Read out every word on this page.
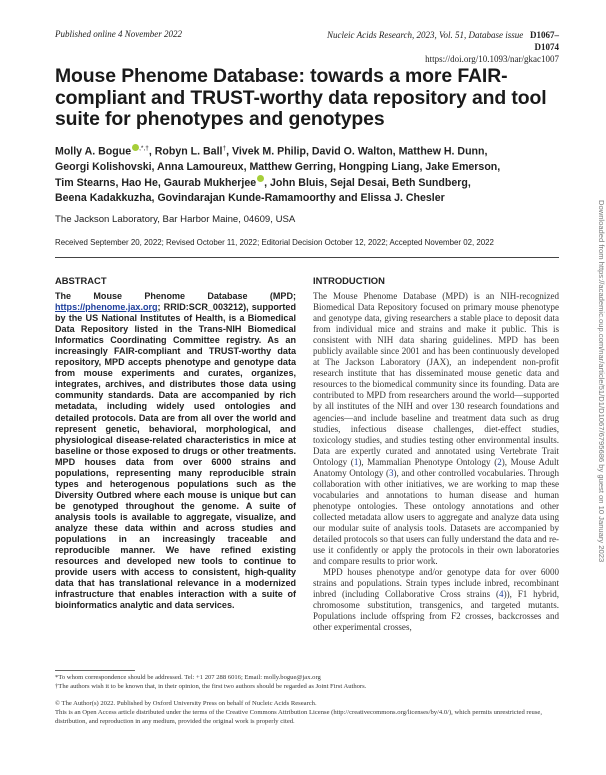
Published online 4 November 2022	Nucleic Acids Research, 2023, Vol. 51, Database issue D1067–D1074
https://doi.org/10.1093/nar/gkac1007
Mouse Phenome Database: towards a more FAIR-compliant and TRUST-worthy data repository and tool suite for phenotypes and genotypes
Molly A. Bogue ,*,†, Robyn L. Ball†, Vivek M. Philip, David O. Walton, Matthew H. Dunn,
Georgi Kolishovski, Anna Lamoureux, Matthew Gerring, Hongping Liang, Jake Emerson,
Tim Stearns, Hao He, Gaurab Mukherjee , John Bluis, Sejal Desai, Beth Sundberg,
Beena Kadakkuzha, Govindarajan Kunde-Ramamoorthy and Elissa J. Chesler
The Jackson Laboratory, Bar Harbor Maine, 04609, USA
Received September 20, 2022; Revised October 11, 2022; Editorial Decision October 12, 2022; Accepted November 02, 2022
ABSTRACT
The Mouse Phenome Database (MPD; https://phenome.jax.org; RRID:SCR_003212), supported by the US National Institutes of Health, is a Biomedical Data Repository listed in the Trans-NIH Biomedical Informatics Coordinating Committee registry. As an increasingly FAIR-compliant and TRUST-worthy data repository, MPD accepts phenotype and genotype data from mouse experiments and curates, organizes, integrates, archives, and distributes those data using community standards. Data are accompanied by rich metadata, including widely used ontologies and detailed protocols. Data are from all over the world and represent genetic, behavioral, morphological, and physiological disease-related characteristics in mice at baseline or those exposed to drugs or other treatments. MPD houses data from over 6000 strains and populations, representing many reproducible strain types and heterogenous populations such as the Diversity Outbred where each mouse is unique but can be genotyped throughout the genome. A suite of analysis tools is available to aggregate, visualize, and analyze these data within and across studies and populations in an increasingly traceable and reproducible manner. We have refined existing resources and developed new tools to continue to provide users with access to consistent, high-quality data that has translational relevance in a modernized infrastructure that enables interaction with a suite of bioinformatics analytic and data services.
INTRODUCTION

The Mouse Phenome Database (MPD) is an NIH-recognized Biomedical Data Repository focused on primary mouse phenotype and genotype data, giving researchers a stable place to deposit data from individual mice and strains and make it public. This is consistent with NIH data sharing guidelines. MPD has been publicly available since 2001 and has been continuously developed at The Jackson Laboratory (JAX), an independent non-profit research institute that has disseminated mouse genetic data and resources to the biomedical community since its founding. Data are contributed to MPD from researchers around the world—supported by all institutes of the NIH and over 130 research foundations and agencies—and include baseline and treatment data such as drug studies, infectious disease challenges, diet-effect studies, toxicology studies, and studies testing other environmental insults. Data are expertly curated and annotated using Vertebrate Trait Ontology (1), Mammalian Phenotype Ontology (2), Mouse Adult Anatomy Ontology (3), and other controlled vocabularies. Through collaboration with other initiatives, we are working to map these vocabularies and annotations to human disease and human phenotype ontologies. These ontology annotations and other collected metadata allow users to aggregate and analyze data using our modular suite of analysis tools. Datasets are accompanied by detailed protocols so that users can fully understand the data and re-use it confidently or apply the protocols in their own laboratories and compare results to prior work.

MPD houses phenotype and/or genotype data for over 6000 strains and populations. Strain types include inbred, recombinant inbred (including Collaborative Cross strains (4)), F1 hybrid, chromosome substitution, transgenics, and targeted mutants. Populations include offspring from F2 crosses, backcrosses and other experimental crosses,

*To whom correspondence should be addressed. Tel: +1 207 288 6016; Email: molly.bogue@jax.org
†The authors wish it to be known that, in their opinion, the first two authors should be regarded as Joint First Authors.
© The Author(s) 2022. Published by Oxford University Press on behalf of Nucleic Acids Research.
This is an Open Access article distributed under the terms of the Creative Commons Attribution License (http://creativecommons.org/licenses/by/4.0/), which permits unrestricted reuse, distribution, and reproduction in any medium, provided the original work is properly cited.
Downloaded from https://academic.oup.com/nar/article/51/D1/D1067/6795686 by guest on 10 January 2023
